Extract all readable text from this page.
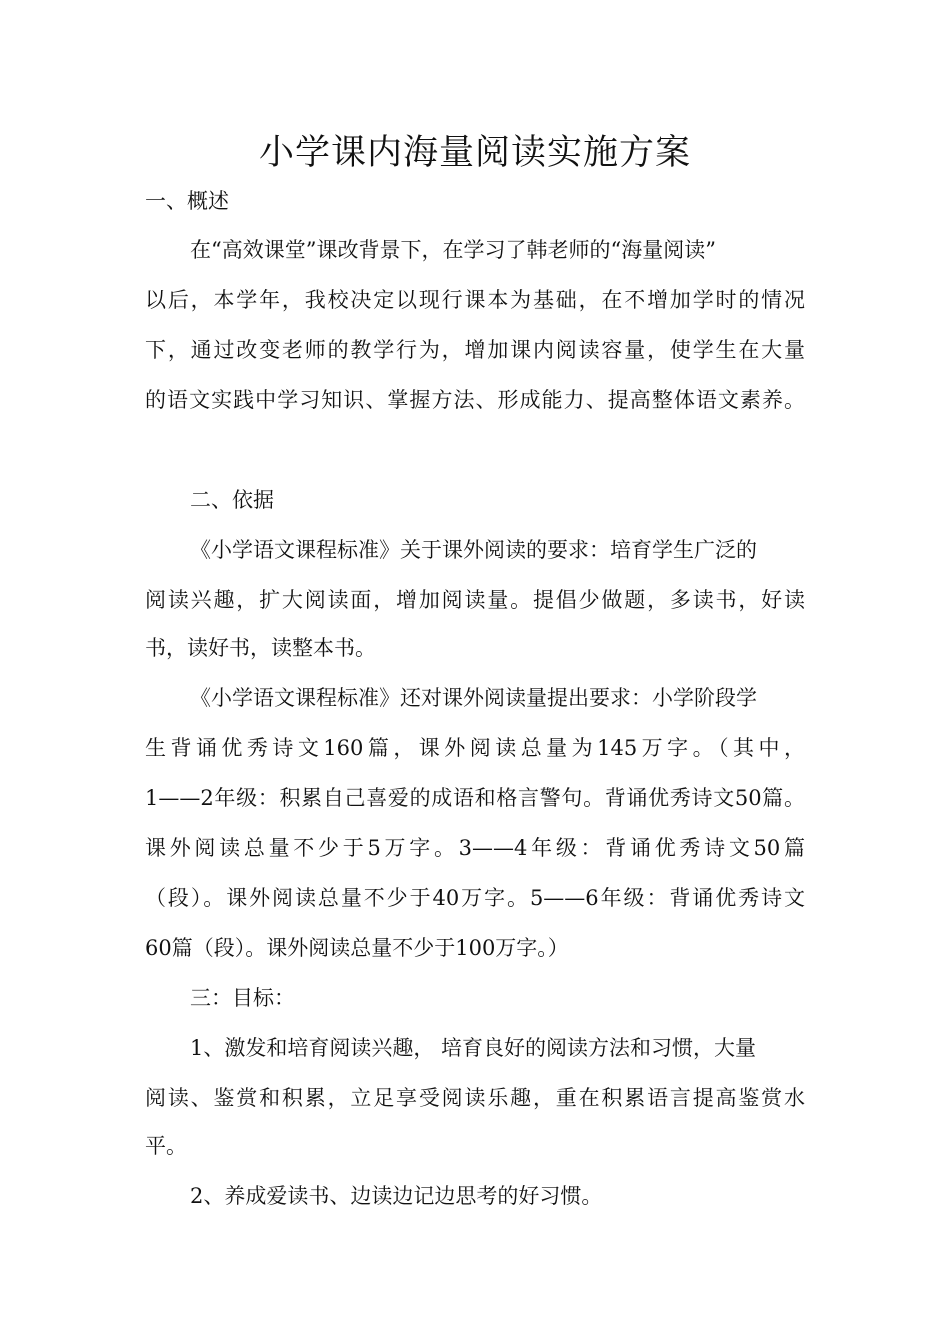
小学课内海量阅读实施方案
一、概述
在“高效课堂”课改背景下，在学习了韩老师的“海量阅读”
以后，本学年，我校决定以现行课本为基础，在不增加学时的情况
下，通过改变老师的教学行为，增加课内阅读容量，使学生在大量
的语文实践中学习知识、掌握方法、形成能力、提高整体语文素养。
二、依据
《小学语文课程标准》关于课外阅读的要求：培育学生广泛的
阅读兴趣，扩大阅读面，增加阅读量。提倡少做题，多读书，好读
书，读好书，读整本书。
《小学语文课程标准》还对课外阅读量提出要求：小学阶段学
生背诵优秀诗文160篇，课外阅读总量为145万字。（其中，
1——2年级：积累自己喜爱的成语和格言警句。背诵优秀诗文50篇。
课外阅读总量不少于5万字。3——4年级：背诵优秀诗文50篇
（段）。课外阅读总量不少于40万字。5——6年级：背诵优秀诗文
60篇（段）。课外阅读总量不少于100万字。）
三：目标：
1、激发和培育阅读兴趣， 培育良好的阅读方法和习惯，大量
阅读、鉴赏和积累，立足享受阅读乐趣，重在积累语言提高鉴赏水
平。
2、养成爱读书、边读边记边思考的好习惯。
